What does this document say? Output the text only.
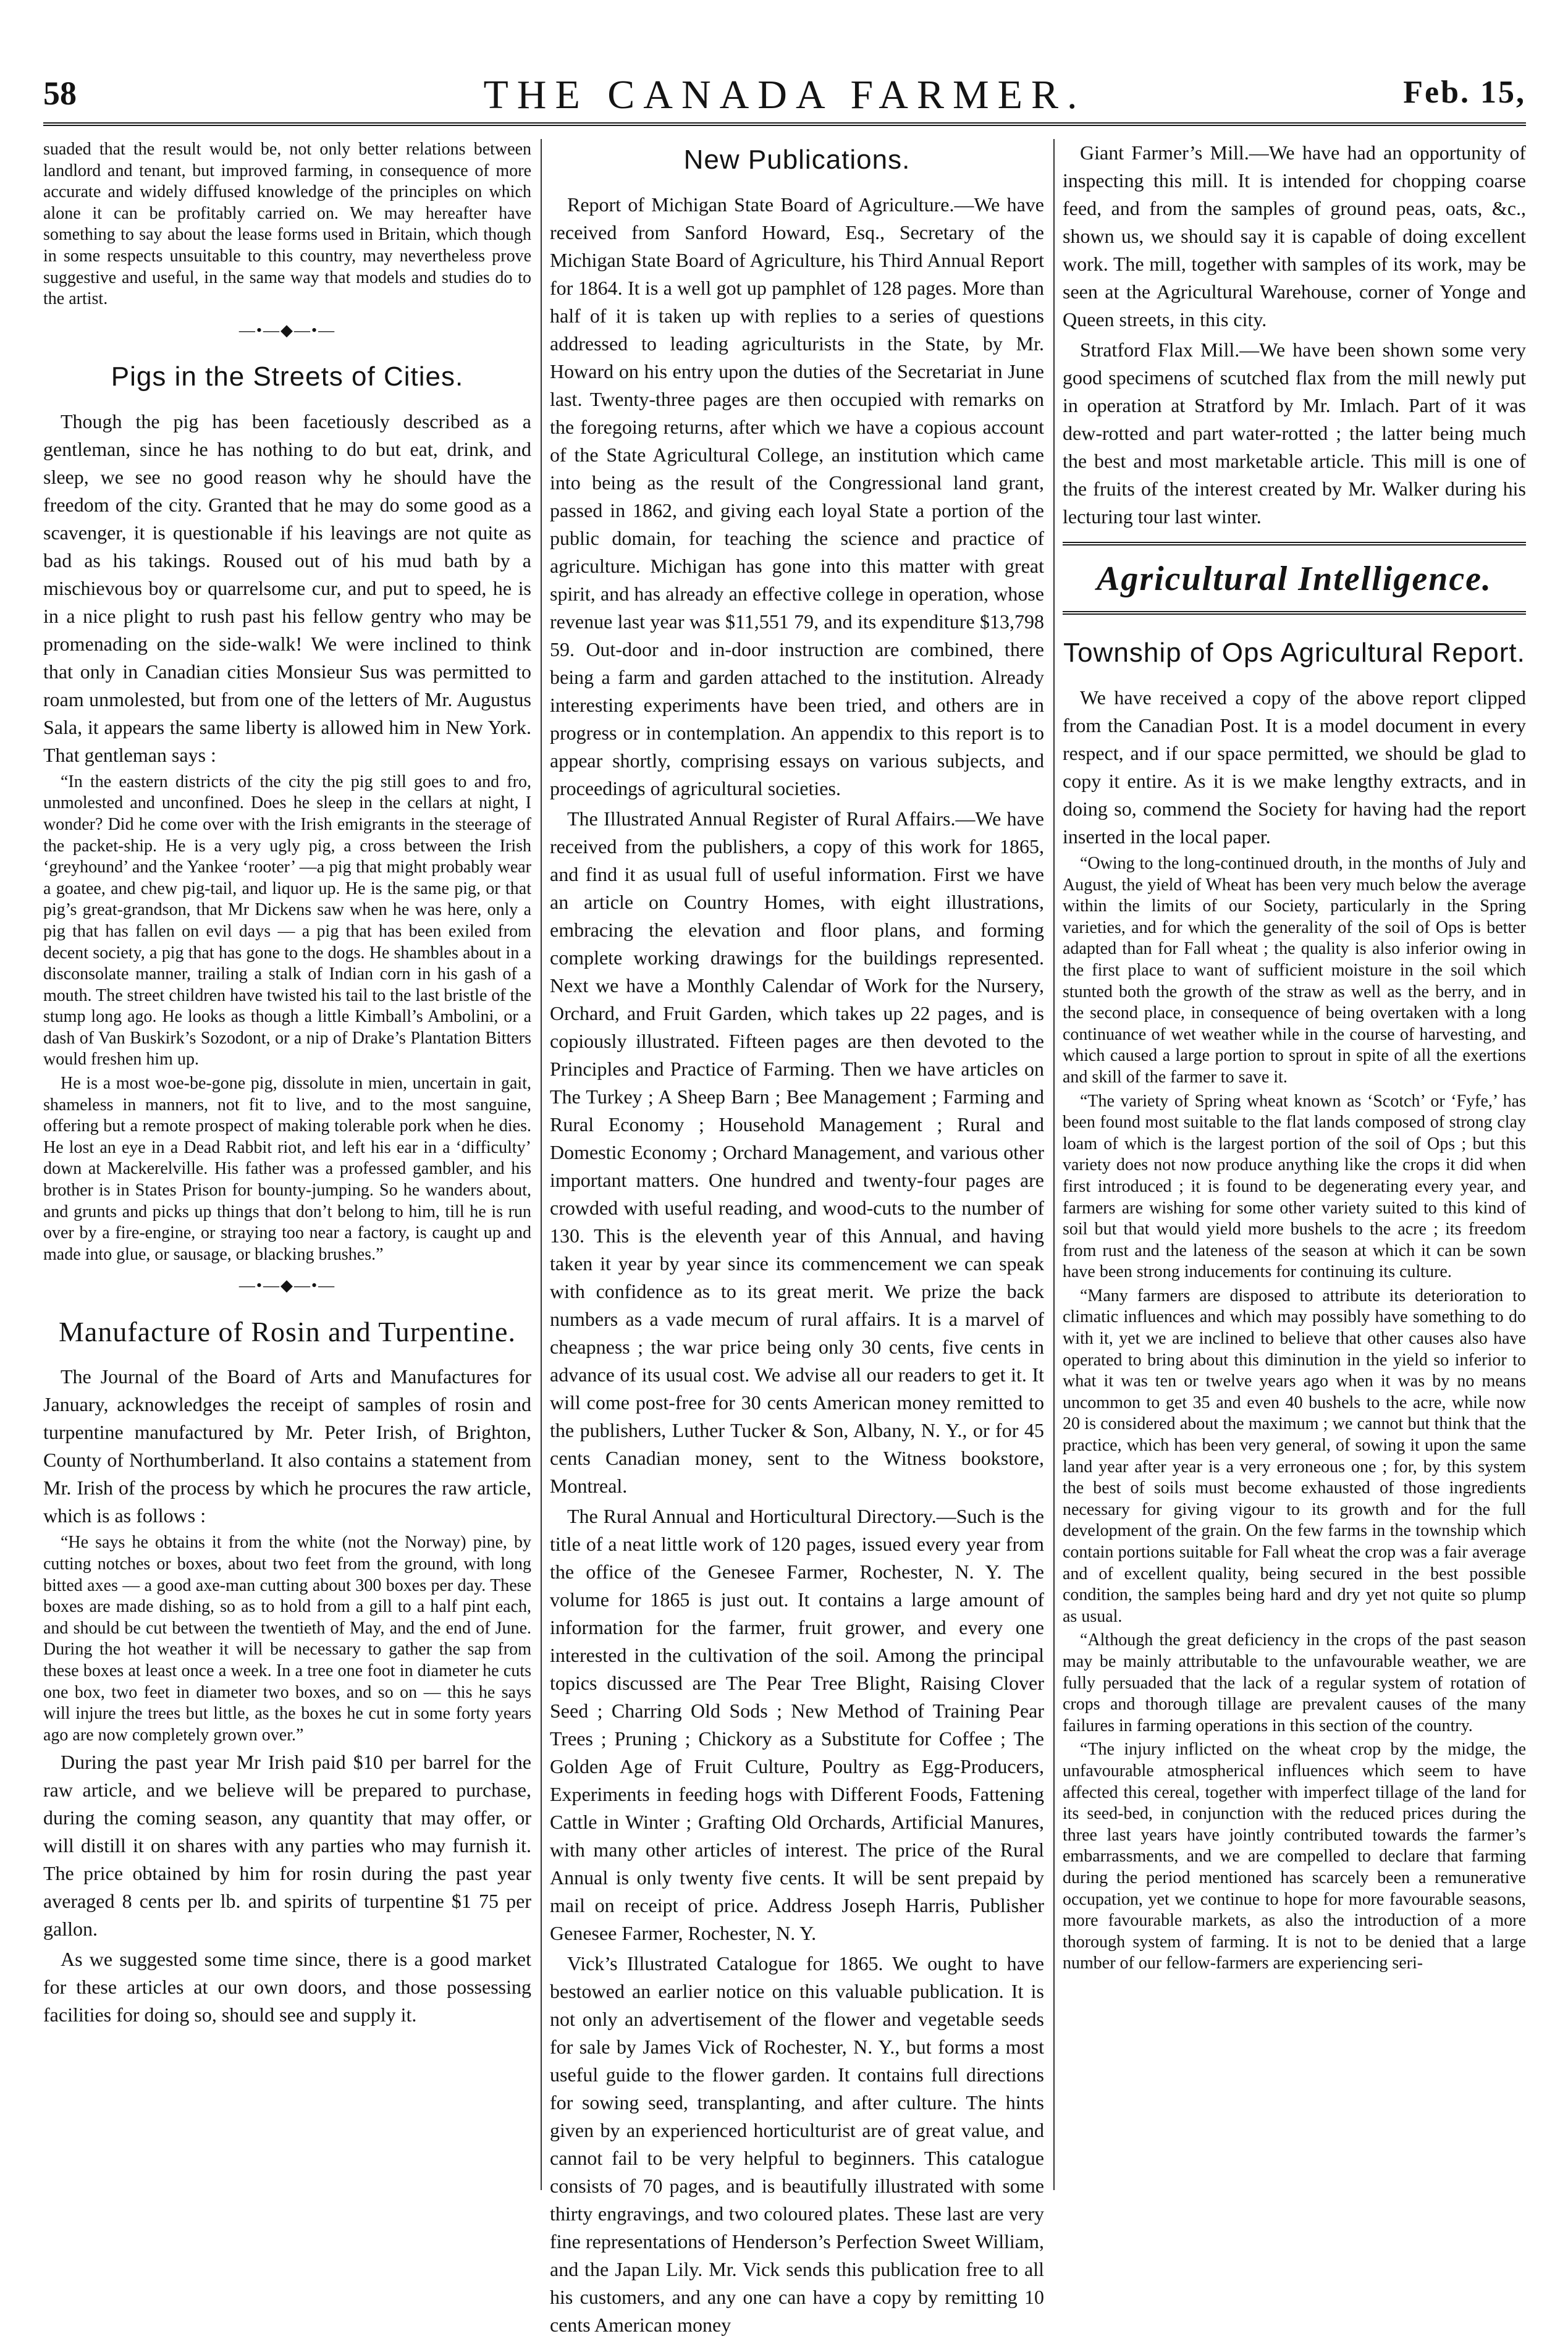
58	THE CANADA FARMER.	Feb. 15,

suaded that the result would be, not only better relations between landlord and tenant, but improved farming, in consequence of more accurate and widely diffused knowledge of the principles on which alone it can be profitably carried on. We may hereafter have something to say about the lease forms used in Britain, which though in some respects unsuitable to this country, may nevertheless prove suggestive and useful, in the same way that models and studies do to the artist.

—•—◆—•—
Pigs in the Streets of Cities.

Though the pig has been facetiously described as a gentleman, since he has nothing to do but eat, drink, and sleep, we see no good reason why he should have the freedom of the city. Granted that he may do some good as a scavenger, it is questionable if his leavings are not quite as bad as his takings. Roused out of his mud bath by a mischievous boy or quarrelsome cur, and put to speed, he is in a nice plight to rush past his fellow gentry who may be promenading on the side-walk! We were inclined to think that only in Canadian cities Monsieur Sus was permitted to roam unmolested, but from one of the letters of Mr. Augustus Sala, it appears the same liberty is allowed him in New York. That gentleman says :

“In the eastern districts of the city the pig still goes to and fro, unmolested and unconfined. Does he sleep in the cellars at night, I wonder? Did he come over with the Irish emigrants in the steerage of the packet-ship. He is a very ugly pig, a cross between the Irish ‘greyhound’ and the Yankee ‘rooter’ —a pig that might probably wear a goatee, and chew pig-tail, and liquor up. He is the same pig, or that pig’s great-grandson, that Mr Dickens saw when he was here, only a pig that has fallen on evil days — a pig that has been exiled from decent society, a pig that has gone to the dogs. He shambles about in a disconsolate manner, trailing a stalk of Indian corn in his gash of a mouth. The street children have twisted his tail to the last bristle of the stump long ago. He looks as though a little Kimball’s Ambolini, or a dash of Van Buskirk’s Sozodont, or a nip of Drake’s Plantation Bitters would freshen him up.

He is a most woe-be-gone pig, dissolute in mien, uncertain in gait, shameless in manners, not fit to live, and to the most sanguine, offering but a remote prospect of making tolerable pork when he dies. He lost an eye in a Dead Rabbit riot, and left his ear in a ‘difficulty’ down at Mackerelville. His father was a professed gambler, and his brother is in States Prison for bounty-jumping. So he wanders about, and grunts and picks up things that don’t belong to him, till he is run over by a fire-engine, or straying too near a factory, is caught up and made into glue, or sausage, or blacking brushes.”

—•—◆—•—
Manufacture of Rosin and Turpentine.

The Journal of the Board of Arts and Manufactures for January, acknowledges the receipt of samples of rosin and turpentine manufactured by Mr. Peter Irish, of Brighton, County of Northumberland. It also contains a statement from Mr. Irish of the process by which he procures the raw article, which is as follows :

“He says he obtains it from the white (not the Norway) pine, by cutting notches or boxes, about two feet from the ground, with long bitted axes — a good axe-man cutting about 300 boxes per day. These boxes are made dishing, so as to hold from a gill to a half pint each, and should be cut between the twentieth of May, and the end of June. During the hot weather it will be necessary to gather the sap from these boxes at least once a week. In a tree one foot in diameter he cuts one box, two feet in diameter two boxes, and so on — this he says will injure the trees but little, as the boxes he cut in some forty years ago are now completely grown over.”

During the past year Mr Irish paid $10 per barrel for the raw article, and we believe will be prepared to purchase, during the coming season, any quantity that may offer, or will distill it on shares with any parties who may furnish it. The price obtained by him for rosin during the past year averaged 8 cents per lb. and spirits of turpentine $1 75 per gallon.

As we suggested some time since, there is a good market for these articles at our own doors, and those possessing facilities for doing so, should see and supply it.

New Publications.

Report of Michigan State Board of Agriculture.—We have received from Sanford Howard, Esq., Secretary of the Michigan State Board of Agriculture, his Third Annual Report for 1864. It is a well got up pamphlet of 128 pages. More than half of it is taken up with replies to a series of questions addressed to leading agriculturists in the State, by Mr. Howard on his entry upon the duties of the Secretariat in June last. Twenty-three pages are then occupied with remarks on the foregoing returns, after which we have a copious account of the State Agricultural College, an institution which came into being as the result of the Congressional land grant, passed in 1862, and giving each loyal State a portion of the public domain, for teaching the science and practice of agriculture. Michigan has gone into this matter with great spirit, and has already an effective college in operation, whose revenue last year was $11,551 79, and its expenditure $13,798 59. Out-door and in-door instruction are combined, there being a farm and garden attached to the institution. Already interesting experiments have been tried, and others are in progress or in contemplation. An appendix to this report is to appear shortly, comprising essays on various subjects, and proceedings of agricultural societies.

The Illustrated Annual Register of Rural Affairs.—We have received from the publishers, a copy of this work for 1865, and find it as usual full of useful information. First we have an article on Country Homes, with eight illustrations, embracing the elevation and floor plans, and forming complete working drawings for the buildings represented. Next we have a Monthly Calendar of Work for the Nursery, Orchard, and Fruit Garden, which takes up 22 pages, and is copiously illustrated. Fifteen pages are then devoted to the Principles and Practice of Farming. Then we have articles on The Turkey ; A Sheep Barn ; Bee Management ; Farming and Rural Economy ; Household Management ; Rural and Domestic Economy ; Orchard Management, and various other important matters. One hundred and twenty-four pages are crowded with useful reading, and wood-cuts to the number of 130. This is the eleventh year of this Annual, and having taken it year by year since its commencement we can speak with confidence as to its great merit. We prize the back numbers as a vade mecum of rural affairs. It is a marvel of cheapness ; the war price being only 30 cents, five cents in advance of its usual cost. We advise all our readers to get it. It will come post-free for 30 cents American money remitted to the publishers, Luther Tucker & Son, Albany, N. Y., or for 45 cents Canadian money, sent to the Witness bookstore, Montreal.

The Rural Annual and Horticultural Directory.—Such is the title of a neat little work of 120 pages, issued every year from the office of the Genesee Farmer, Rochester, N. Y. The volume for 1865 is just out. It contains a large amount of information for the farmer, fruit grower, and every one interested in the cultivation of the soil. Among the principal topics discussed are The Pear Tree Blight, Raising Clover Seed ; Charring Old Sods ; New Method of Training Pear Trees ; Pruning ; Chickory as a Substitute for Coffee ; The Golden Age of Fruit Culture, Poultry as Egg-Producers, Experiments in feeding hogs with Different Foods, Fattening Cattle in Winter ; Grafting Old Orchards, Artificial Manures, with many other articles of interest. The price of the Rural Annual is only twenty five cents. It will be sent prepaid by mail on receipt of price. Address Joseph Harris, Publisher Genesee Farmer, Rochester, N. Y.

Vick’s Illustrated Catalogue for 1865. We ought to have bestowed an earlier notice on this valuable publication. It is not only an advertisement of the flower and vegetable seeds for sale by James Vick of Rochester, N. Y., but forms a most useful guide to the flower garden. It contains full directions for sowing seed, transplanting, and after culture. The hints given by an experienced horticulturist are of great value, and cannot fail to be very helpful to beginners. This catalogue consists of 70 pages, and is beautifully illustrated with some thirty engravings, and two coloured plates. These last are very fine representations of Henderson’s Perfection Sweet William, and the Japan Lily. Mr. Vick sends this publication free to all his customers, and any one can have a copy by remitting 10 cents American money

Giant Farmer’s Mill.—We have had an opportunity of inspecting this mill. It is intended for chopping coarse feed, and from the samples of ground peas, oats, &c., shown us, we should say it is capable of doing excellent work. The mill, together with samples of its work, may be seen at the Agricultural Warehouse, corner of Yonge and Queen streets, in this city.

Stratford Flax Mill.—We have been shown some very good specimens of scutched flax from the mill newly put in operation at Stratford by Mr. Imlach. Part of it was dew-rotted and part water-rotted ; the latter being much the best and most marketable article. This mill is one of the fruits of the interest created by Mr. Walker during his lecturing tour last winter.

Agricultural Intelligence.
Township of Ops Agricultural Report.

We have received a copy of the above report clipped from the Canadian Post. It is a model document in every respect, and if our space permitted, we should be glad to copy it entire. As it is we make lengthy extracts, and in doing so, commend the Society for having had the report inserted in the local paper.

“Owing to the long-continued drouth, in the months of July and August, the yield of Wheat has been very much below the average within the limits of our Society, particularly in the Spring varieties, and for which the generality of the soil of Ops is better adapted than for Fall wheat ; the quality is also inferior owing in the first place to want of sufficient moisture in the soil which stunted both the growth of the straw as well as the berry, and in the second place, in consequence of being overtaken with a long continuance of wet weather while in the course of harvesting, and which caused a large portion to sprout in spite of all the exertions and skill of the farmer to save it.

“The variety of Spring wheat known as ‘Scotch’ or ‘Fyfe,’ has been found most suitable to the flat lands composed of strong clay loam of which is the largest portion of the soil of Ops ; but this variety does not now produce anything like the crops it did when first introduced ; it is found to be degenerating every year, and farmers are wishing for some other variety suited to this kind of soil but that would yield more bushels to the acre ; its freedom from rust and the lateness of the season at which it can be sown have been strong inducements for continuing its culture.

“Many farmers are disposed to attribute its deterioration to climatic influences and which may possibly have something to do with it, yet we are inclined to believe that other causes also have operated to bring about this diminution in the yield so inferior to what it was ten or twelve years ago when it was by no means uncommon to get 35 and even 40 bushels to the acre, while now 20 is considered about the maximum ; we cannot but think that the practice, which has been very general, of sowing it upon the same land year after year is a very erroneous one ; for, by this system the best of soils must become exhausted of those ingredients necessary for giving vigour to its growth and for the full development of the grain. On the few farms in the township which contain portions suitable for Fall wheat the crop was a fair average and of excellent quality, being secured in the best possible condition, the samples being hard and dry yet not quite so plump as usual.

“Although the great deficiency in the crops of the past season may be mainly attributable to the unfavourable weather, we are fully persuaded that the lack of a regular system of rotation of crops and thorough tillage are prevalent causes of the many failures in farming operations in this section of the country.

“The injury inflicted on the wheat crop by the midge, the unfavourable atmospherical influences which seem to have affected this cereal, together with imperfect tillage of the land for its seed-bed, in conjunction with the reduced prices during the three last years have jointly contributed towards the farmer’s embarrassments, and we are compelled to declare that farming during the period mentioned has scarcely been a remunerative occupation, yet we continue to hope for more favourable seasons, more favourable markets, as also the introduction of a more thorough system of farming. It is not to be denied that a large number of our fellow-farmers are experiencing seri-
